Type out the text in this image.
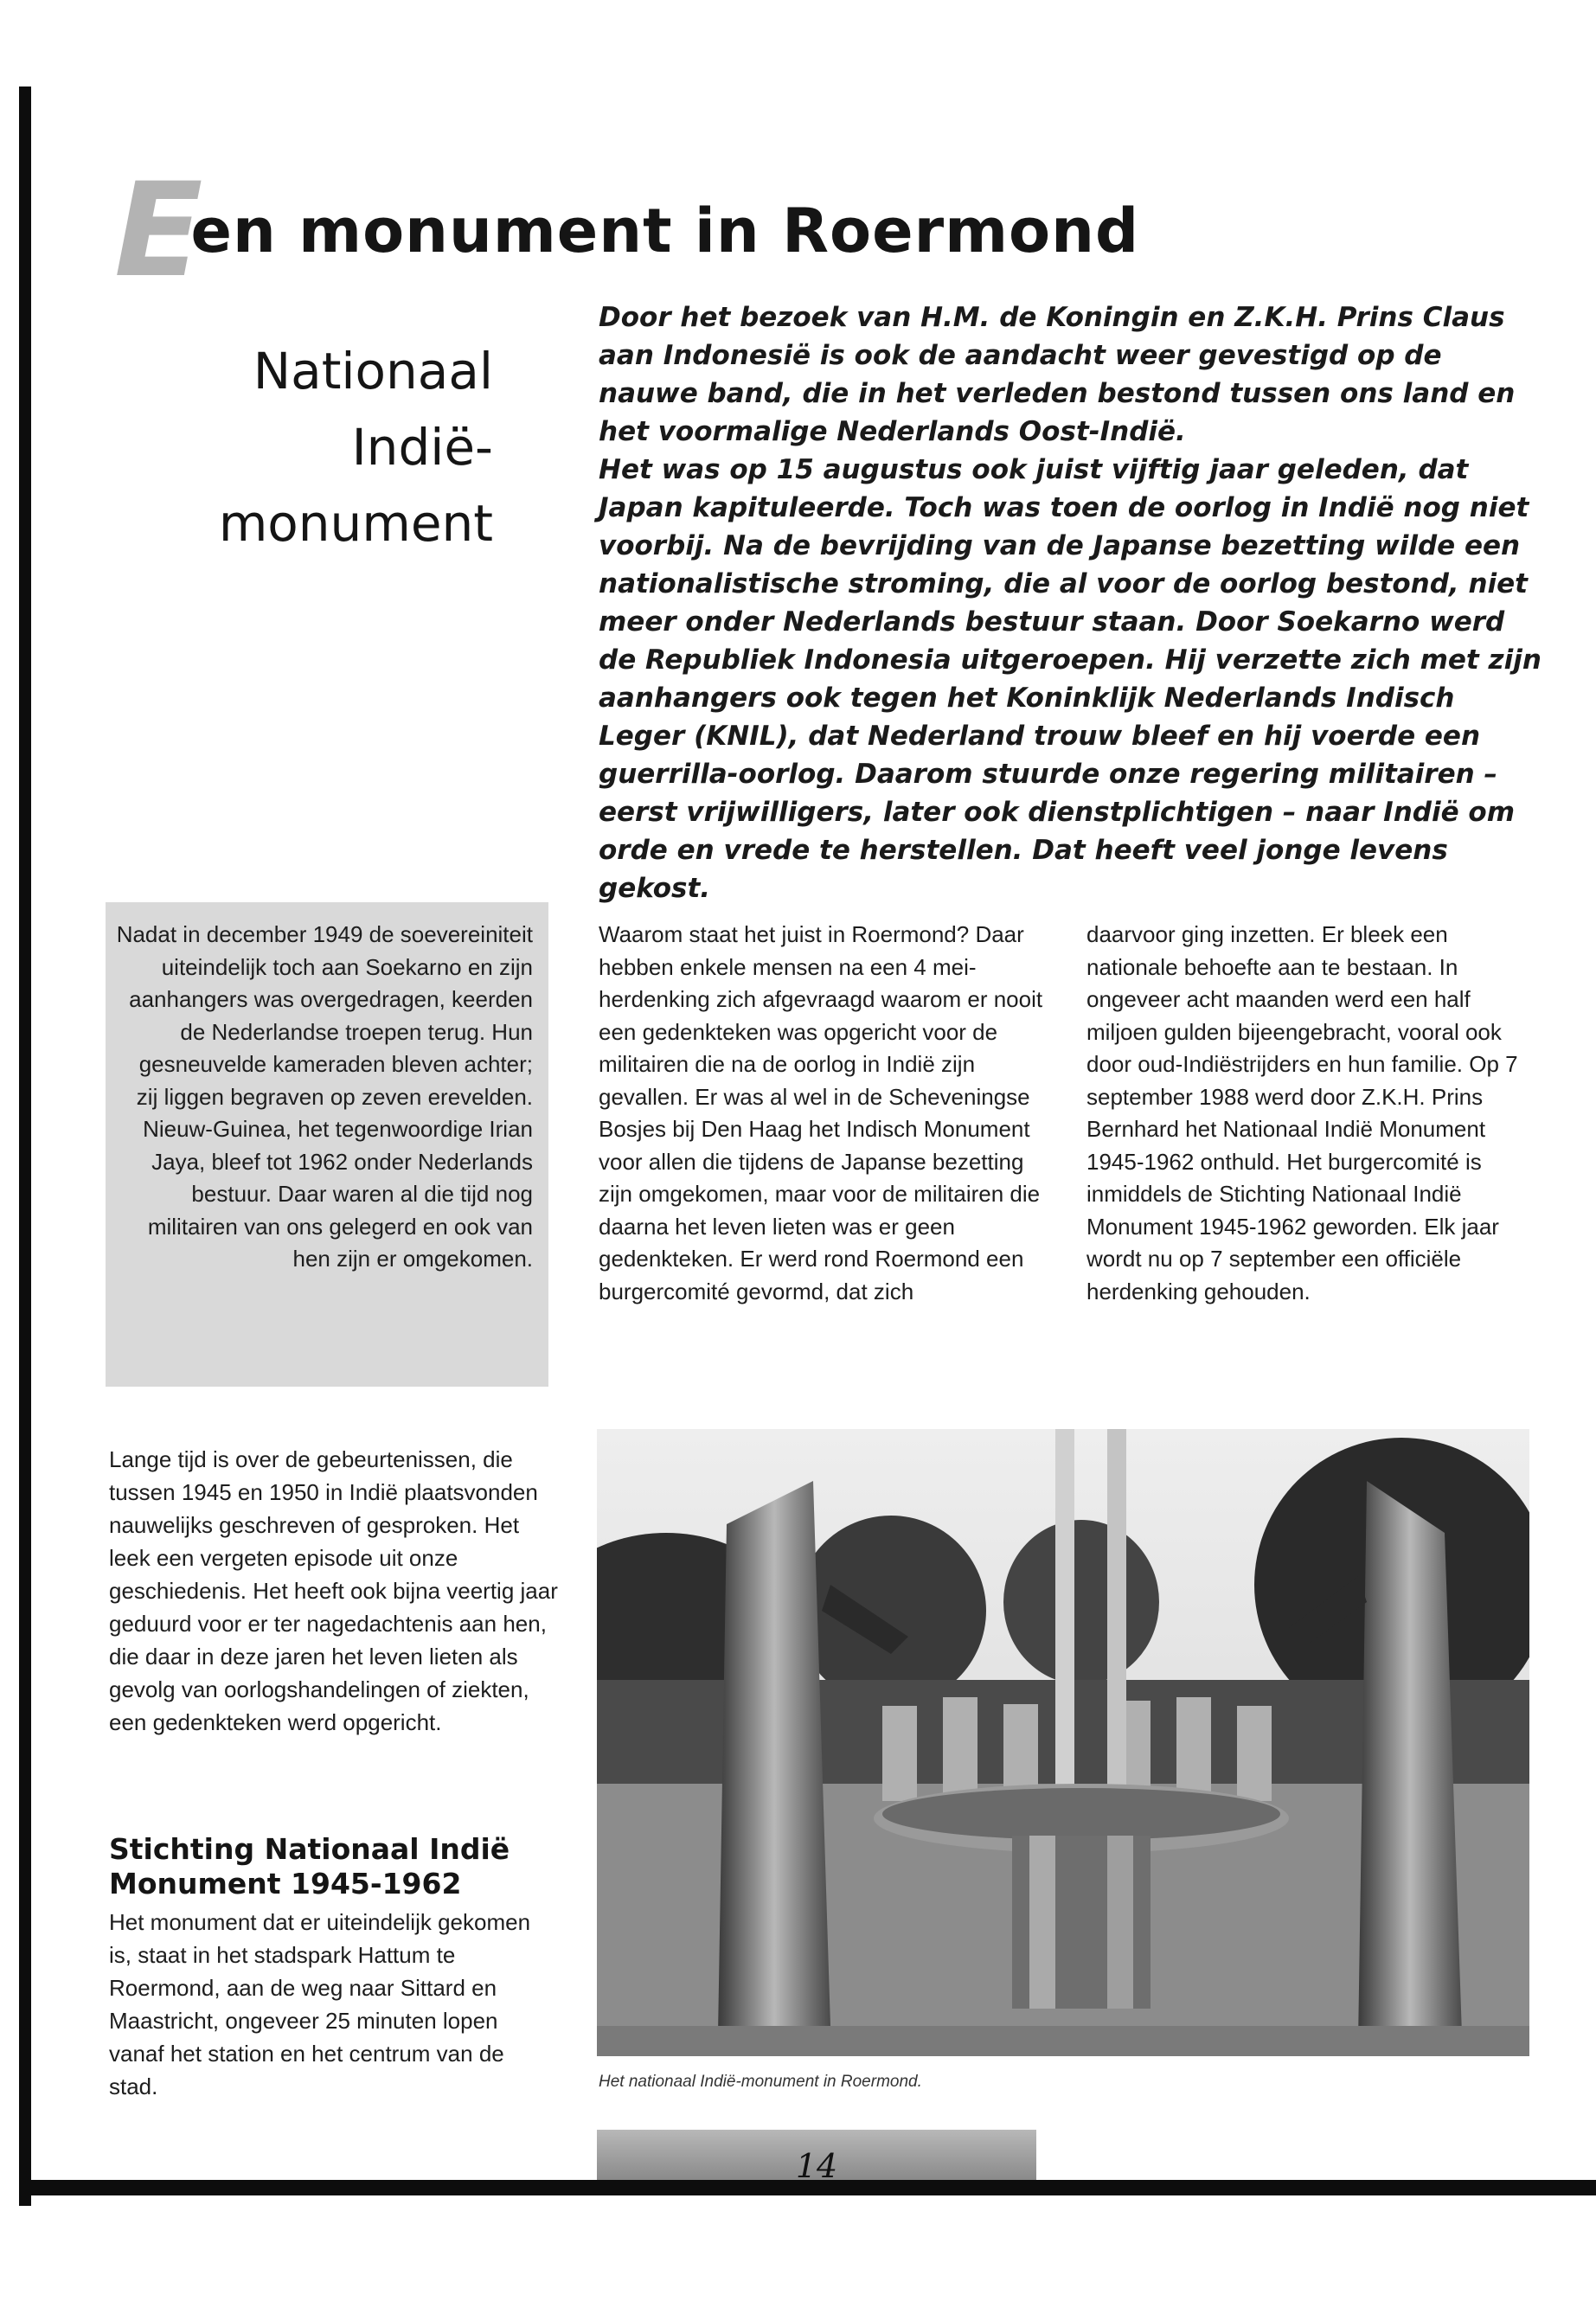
Een monument in Roermond
Nationaal
Indië-
monument

Door het bezoek van H.M. de Koningin en Z.K.H. Prins Claus aan Indonesië is ook de aandacht weer gevestigd op de nauwe band, die in het verleden bestond tussen ons land en het voormalige Nederlands Oost-Indië.

Het was op 15 augustus ook juist vijftig jaar geleden, dat Japan kapituleerde. Toch was toen de oorlog in Indië nog niet voorbij. Na de bevrijding van de Japanse bezetting wilde een nationalistische stroming, die al voor de oorlog bestond, niet meer onder Nederlands bestuur staan. Door Soekarno werd de Republiek Indonesia uitgeroepen. Hij verzette zich met zijn aanhangers ook tegen het Koninklijk Nederlands Indisch Leger (KNIL), dat Nederland trouw bleef en hij voerde een guerrilla-oorlog. Daarom stuurde onze regering militairen – eerst vrijwilligers, later ook dienstplichtigen – naar Indië om orde en vrede te herstellen. Dat heeft veel jonge levens gekost.

Nadat in december 1949 de soevereiniteit uiteindelijk toch aan Soekarno en zijn aanhangers was overgedragen, keerden de Nederlandse troepen terug. Hun gesneuvelde kameraden bleven achter; zij liggen begraven op zeven erevelden.

Nieuw-Guinea, het tegenwoordige Irian Jaya, bleef tot 1962 onder Nederlands bestuur. Daar waren al die tijd nog militairen van ons gelegerd en ook van hen zijn er omgekomen.

Waarom staat het juist in Roermond? Daar hebben enkele mensen na een 4 mei-herdenking zich afgevraagd waarom er nooit een gedenkteken was opgericht voor de militairen die na de oorlog in Indië zijn gevallen. Er was al wel in de Scheveningse Bosjes bij Den Haag het Indisch Monument voor allen die tijdens de Japanse bezetting zijn omgekomen, maar voor de militairen die daarna het leven lieten was er geen gedenkteken. Er werd rond Roermond een burgercomité gevormd, dat zich
daarvoor ging inzetten. Er bleek een nationale behoefte aan te bestaan. In ongeveer acht maanden werd een half miljoen gulden bijeengebracht, vooral ook door oud-Indiëstrijders en hun familie. Op 7 september 1988 werd door Z.K.H. Prins Bernhard het Nationaal Indië Monument 1945-1962 onthuld. Het burgercomité is inmiddels de Stichting Nationaal Indië Monument 1945-1962 geworden. Elk jaar wordt nu op 7 september een officiële herdenking gehouden.
Lange tijd is over de gebeurtenissen, die tussen 1945 en 1950 in Indië plaatsvonden nauwelijks geschreven of gesproken. Het leek een vergeten episode uit onze geschiedenis. Het heeft ook bijna veertig jaar geduurd voor er ter nagedachtenis aan hen, die daar in deze jaren het leven lieten als gevolg van oorlogshandelingen of ziekten, een gedenkteken werd opgericht.
Stichting Nationaal Indië Monument 1945-1962
Het monument dat er uiteindelijk gekomen is, staat in het stadspark Hattum te Roermond, aan de weg naar Sittard en Maastricht, ongeveer 25 minuten lopen vanaf het station en het centrum van de stad.	Het nationaal Indië-monument in Roermond.
14
